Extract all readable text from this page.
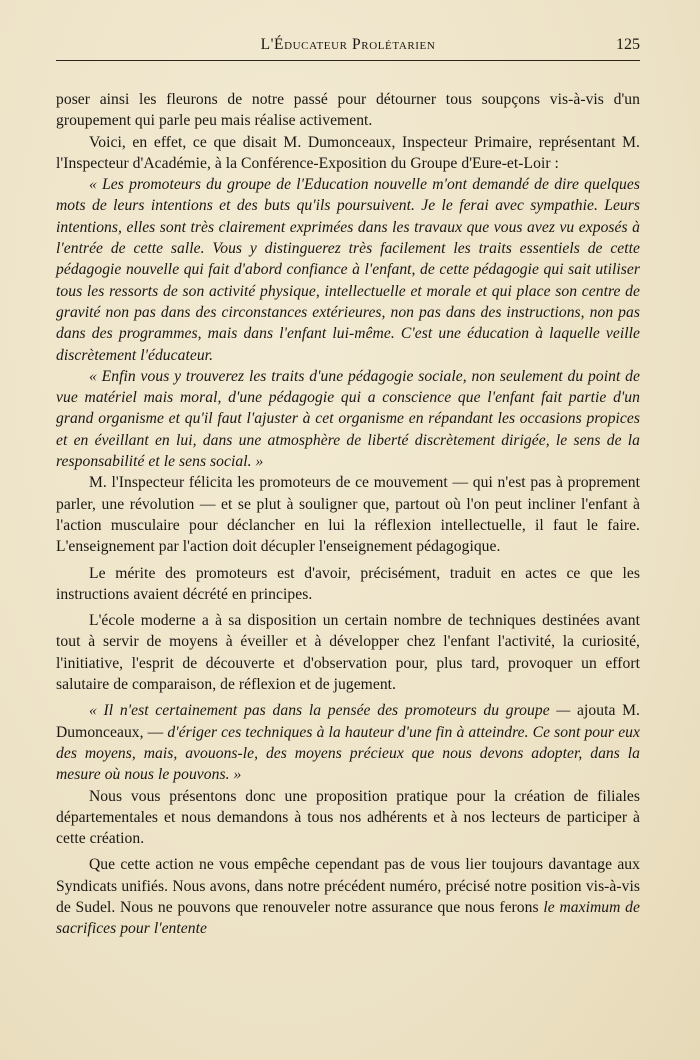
L'Éducateur Prolétarien	125

poser ainsi les fleurons de notre passé pour détourner tous soupçons vis-à-vis d'un groupement qui parle peu mais réalise activement.

Voici, en effet, ce que disait M. Dumonceaux, Inspecteur Primaire, représentant M. l'Inspecteur d'Académie, à la Conférence-Exposition du Groupe d'Eure-et-Loir :

« Les promoteurs du groupe de l'Education nouvelle m'ont demandé de dire quelques mots de leurs intentions et des buts qu'ils poursuivent. Je le ferai avec sympathie. Leurs intentions, elles sont très clairement exprimées dans les travaux que vous avez vu exposés à l'entrée de cette salle. Vous y distinguerez très facilement les traits essentiels de cette pédagogie nouvelle qui fait d'abord confiance à l'enfant, de cette pédagogie qui sait utiliser tous les ressorts de son activité physique, intellectuelle et morale et qui place son centre de gravité non pas dans des circonstances extérieures, non pas dans des instructions, non pas dans des programmes, mais dans l'enfant lui-même. C'est une éducation à laquelle veille discrètement l'éducateur.

« Enfin vous y trouverez les traits d'une pédagogie sociale, non seulement du point de vue matériel mais moral, d'une pédagogie qui a conscience que l'enfant fait partie d'un grand organisme et qu'il faut l'ajuster à cet organisme en répandant les occasions propices et en éveillant en lui, dans une atmosphère de liberté discrètement dirigée, le sens de la responsabilité et le sens social. »

M. l'Inspecteur félicita les promoteurs de ce mouvement — qui n'est pas à proprement parler, une révolution — et se plut à souligner que, partout où l'on peut incliner l'enfant à l'action musculaire pour déclancher en lui la réflexion intellectuelle, il faut le faire. L'enseignement par l'action doit décupler l'enseignement pédagogique.

Le mérite des promoteurs est d'avoir, précisément, traduit en actes ce que les instructions avaient décrété en principes.

L'école moderne a à sa disposition un certain nombre de techniques destinées avant tout à servir de moyens à éveiller et à développer chez l'enfant l'activité, la curiosité, l'initiative, l'esprit de découverte et d'observation pour, plus tard, provoquer un effort salutaire de comparaison, de réflexion et de jugement.

« Il n'est certainement pas dans la pensée des promoteurs du groupe — ajouta M. Dumonceaux, — d'ériger ces techniques à la hauteur d'une fin à atteindre. Ce sont pour eux des moyens, mais, avouons-le, des moyens précieux que nous devons adopter, dans la mesure où nous le pouvons. »

Nous vous présentons donc une proposition pratique pour la création de filiales départementales et nous demandons à tous nos adhérents et à nos lecteurs de participer à cette création.

Que cette action ne vous empêche cependant pas de vous lier toujours davantage aux Syndicats unifiés. Nous avons, dans notre précédent numéro, précisé notre position vis-à-vis de Sudel. Nous ne pouvons que renouveler notre assurance que nous ferons le maximum de sacrifices pour l'entente
